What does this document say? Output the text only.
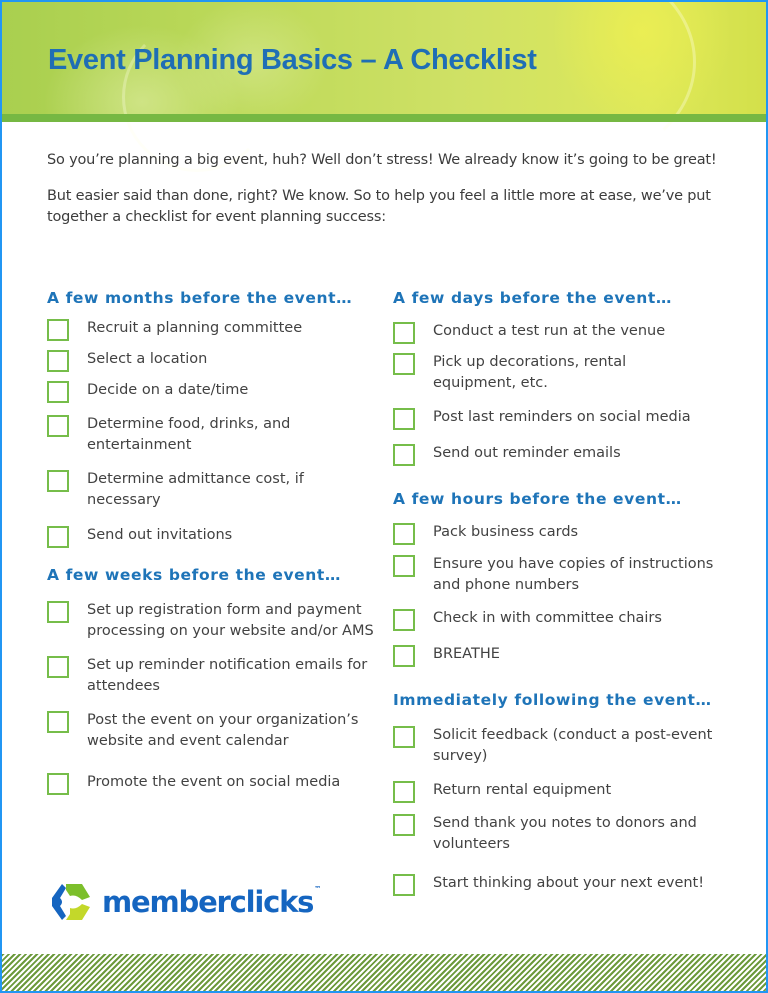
Event Planning Basics – A Checklist

So you’re planning a big event, huh? Well don’t stress! We already know it’s going to be great!

But easier said than done, right? We know. So to help you feel a little more at ease, we’ve put together a checklist for event planning success:

A few months before the event…
Recruit a planning committee
Select a location
Decide on a date/time
Determine food, drinks, and entertainment
Determine admittance cost, if necessary
Send out invitations
A few weeks before the event…
Set up registration form and payment processing on your website and/or AMS
Set up reminder notification emails for attendees
Post the event on your organization’s website and event calendar
Promote the event on social media
A few days before the event…
Conduct a test run at the venue
Pick up decorations, rental equipment, etc.
Post last reminders on social media
Send out reminder emails
A few hours before the event…
Pack business cards
Ensure you have copies of instructions and phone numbers
Check in with committee chairs
BREATHE
Immediately following the event…
Solicit feedback (conduct a post-event survey)
Return rental equipment
Send thank you notes to donors and volunteers
Start thinking about your next event!
memberclicks™
